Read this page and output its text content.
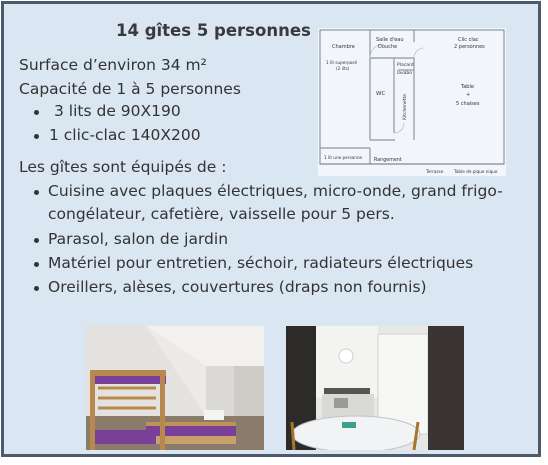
14 gîtes 5 personnes
Surface d’environ 34 m²
Capacité de 1 à 5 personnes
3 lits de 90X190
1 clic-clac 140X200
Les gîtes sont équipés de :
Cuisine avec plaques électriques, micro-onde, grand frigo-
congélateur, cafetière, vaisselle pour 5 pers.
Parasol, salon de jardin
Matériel pour entretien, séchoir, radiateurs électriques
Oreillers, alèses, couvertures (draps non fournis)
Chambre
Salle d'eau
Douche
Clic clac
2 personnes
1 lit superposé
(2 lits)
Placard
lavabo
WC
Kitchenette
Table
+
5 chaises
1 lit une personne
Rangement
Terrasse	Table de pique nique
